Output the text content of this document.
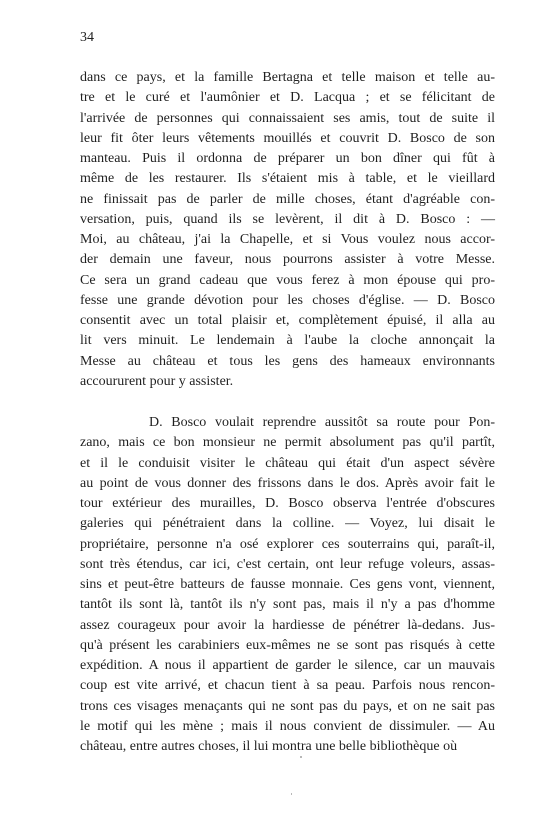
34
dans ce pays, et la famille Bertagna et telle maison et telle au-
tre et le curé et l'aumônier et D. Lacqua ; et se félicitant de
l'arrivée de personnes qui connaissaient ses amis, tout de suite il
leur fit ôter leurs vêtements mouillés et couvrit D. Bosco de son
manteau. Puis il ordonna de préparer un bon dîner qui fût à
même de les restaurer. Ils s'étaient mis à table, et le vieillard
ne finissait pas de parler de mille choses, étant d'agréable con-
versation, puis, quand ils se levèrent, il dit à D. Bosco : —
Moi, au château, j'ai la Chapelle, et si Vous voulez nous accor-
der demain une faveur, nous pourrons assister à votre Messe.
Ce sera un grand cadeau que vous ferez à mon épouse qui pro-
fesse une grande dévotion pour les choses d'église. — D. Bosco
consentit avec un total plaisir et, complètement épuisé, il alla au
lit vers minuit. Le lendemain à l'aube la cloche annonçait la
Messe au château et tous les gens des hameaux environnants
accoururent pour y assister.
D. Bosco voulait reprendre aussitôt sa route pour Pon-
zano, mais ce bon monsieur ne permit absolument pas qu'il partît,
et il le conduisit visiter le château qui était d'un aspect sévère
au point de vous donner des frissons dans le dos. Après avoir fait le
tour extérieur des murailles, D. Bosco observa l'entrée d'obscures
galeries qui pénétraient dans la colline. — Voyez, lui disait le
propriétaire, personne n'a osé explorer ces souterrains qui, paraît-il,
sont très étendus, car ici, c'est certain, ont leur refuge voleurs, assas-
sins et peut-être batteurs de fausse monnaie. Ces gens vont, viennent,
tantôt ils sont là, tantôt ils n'y sont pas, mais il n'y a pas d'homme
assez courageux pour avoir la hardiesse de pénétrer là-dedans. Jus-
qu'à présent les carabiniers eux-mêmes ne se sont pas risqués à cette
expédition. A nous il appartient de garder le silence, car un mauvais
coup est vite arrivé, et chacun tient à sa peau. Parfois nous rencon-
trons ces visages menaçants qui ne sont pas du pays, et on ne sait pas
le motif qui les mène ; mais il nous convient de dissimuler. — Au
château, entre autres choses, il lui montra une belle bibliothèque où
